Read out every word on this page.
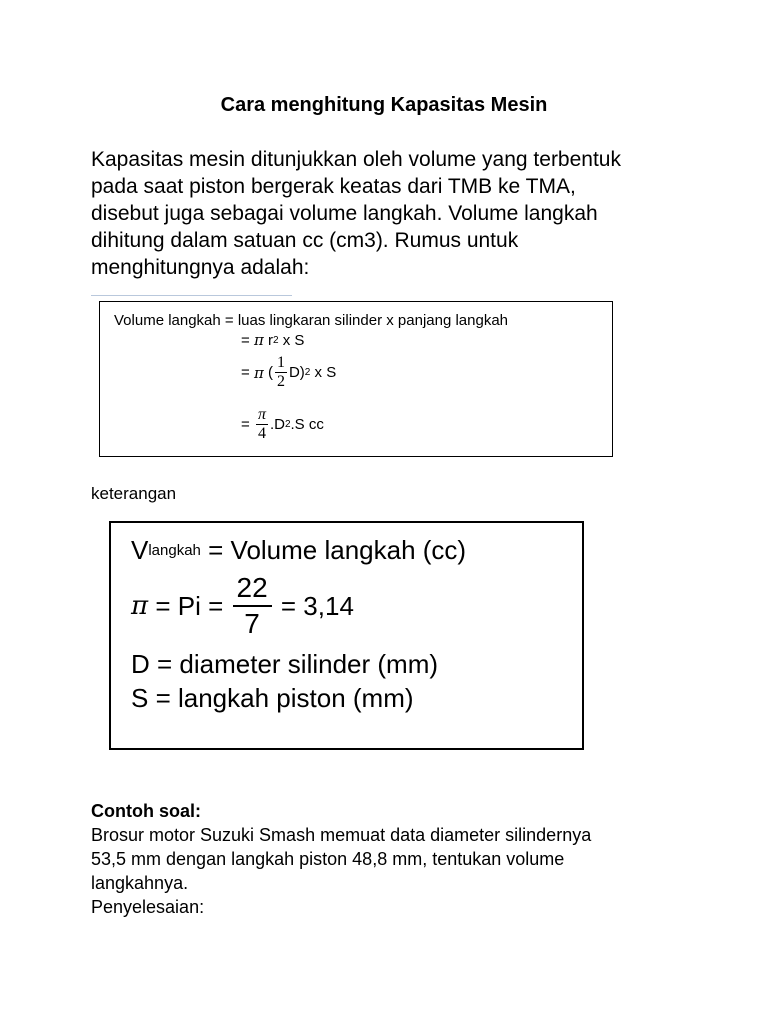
Cara menghitung Kapasitas Mesin
Kapasitas mesin ditunjukkan oleh volume yang terbentuk
pada saat piston bergerak keatas dari TMB ke TMA,
disebut juga sebagai volume langkah. Volume langkah
dihitung dalam satuan cc (cm3). Rumus untuk
menghitungnya adalah:
Volume langkah = luas lingkaran silinder x panjang langkah
=
π
r 2
x S
=
π
( $\frac{1}{2} D$) 2
x S
=
$\frac{\pi}{4} .D$ 2 .S cc
keterangan
V langkah
= Volume langkah (cc)
π
= Pi =
$\frac{22}{7}$
= 3,14
D = diameter silinder (mm)
S = langkah piston (mm)
Contoh soal:
Brosur motor Suzuki Smash memuat data diameter silindernya
53,5 mm dengan langkah piston 48,8 mm, tentukan volume
langkahnya.
Penyelesaian:
